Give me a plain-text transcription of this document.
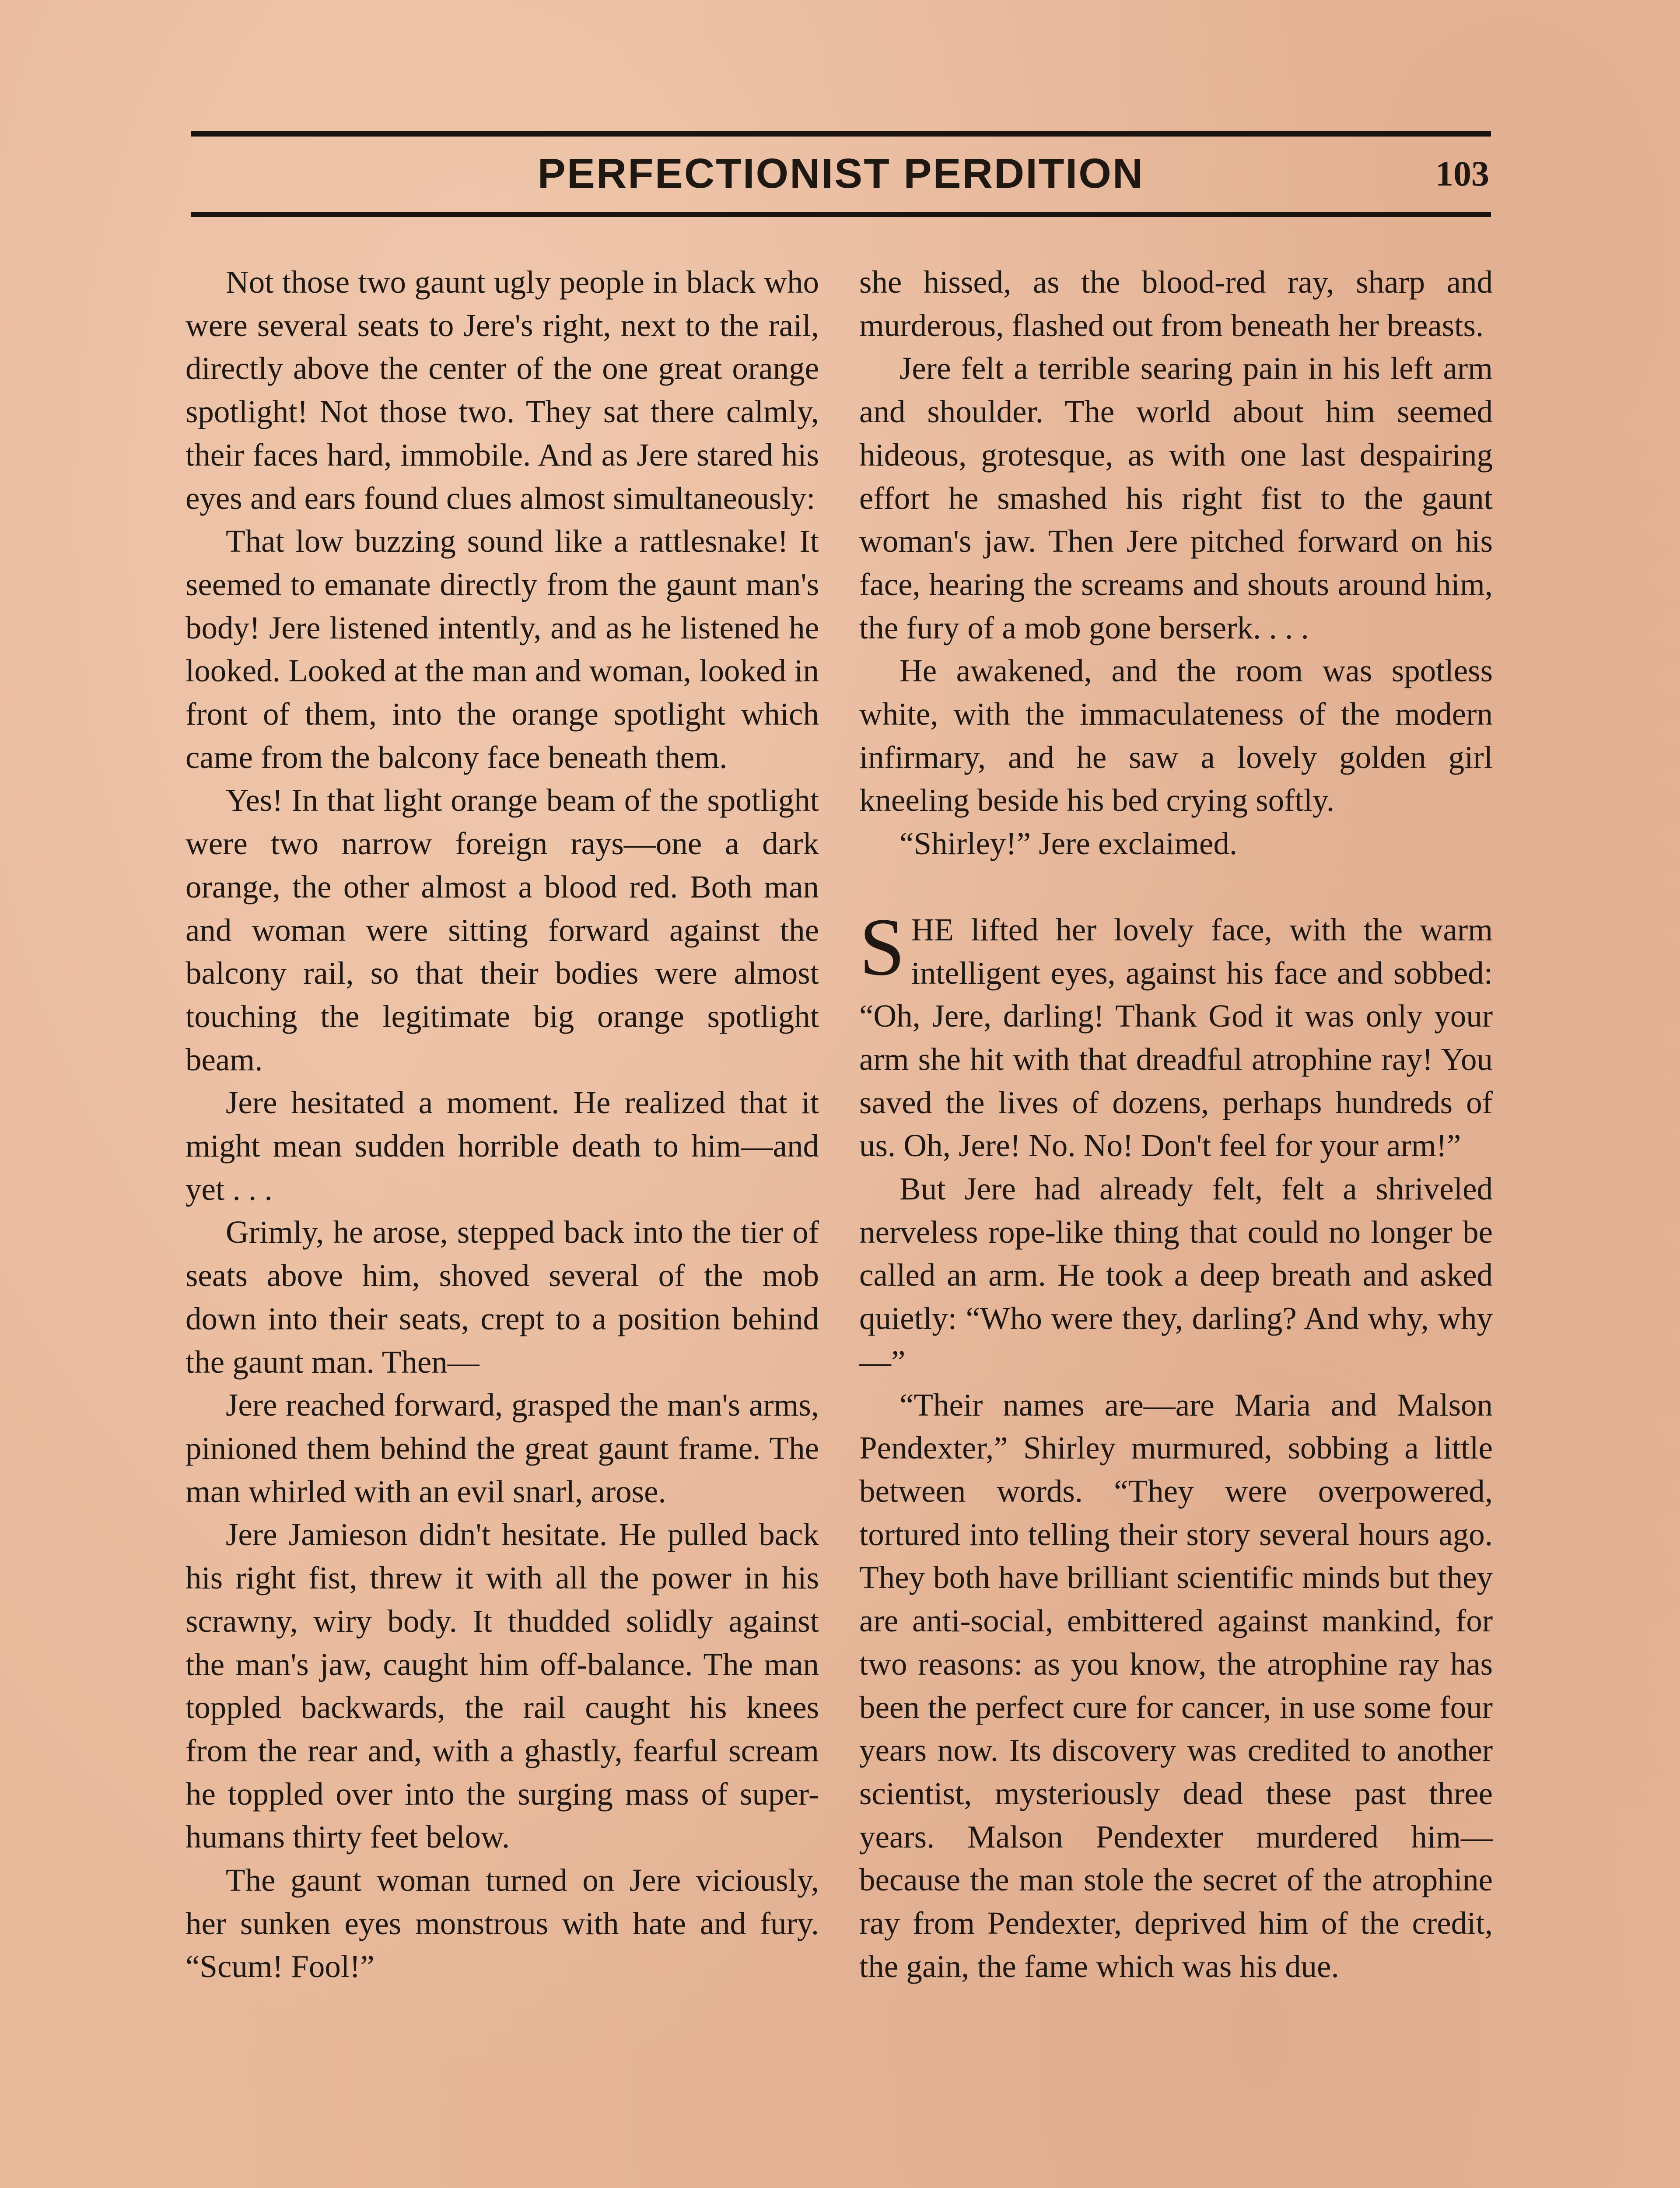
PERFECTIONIST PERDITION	103

Not those two gaunt ugly people in black who were several seats to Jere's right, next to the rail, directly above the center of the one great orange spotlight! Not those two. They sat there calmly, their faces hard, immobile. And as Jere stared his eyes and ears found clues almost simultaneously:

That low buzzing sound like a rattlesnake! It seemed to emanate directly from the gaunt man's body! Jere listened intently, and as he listened he looked. Looked at the man and woman, looked in front of them, into the orange spotlight which came from the balcony face beneath them.

Yes! In that light orange beam of the spotlight were two narrow foreign rays—one a dark orange, the other almost a blood red. Both man and woman were sitting forward against the balcony rail, so that their bodies were almost touching the legitimate big orange spotlight beam.

Jere hesitated a moment. He realized that it might mean sudden horrible death to him—and yet . . .

Grimly, he arose, stepped back into the tier of seats above him, shoved several of the mob down into their seats, crept to a position behind the gaunt man. Then—

Jere reached forward, grasped the man's arms, pinioned them behind the great gaunt frame. The man whirled with an evil snarl, arose.

Jere Jamieson didn't hesitate. He pulled back his right fist, threw it with all the power in his scrawny, wiry body. It thudded solidly against the man's jaw, caught him off-balance. The man toppled backwards, the rail caught his knees from the rear and, with a ghastly, fearful scream he toppled over into the surging mass of super-humans thirty feet below.

The gaunt woman turned on Jere viciously, her sunken eyes monstrous with hate and fury. “Scum! Fool!”

she hissed, as the blood-red ray, sharp and murderous, flashed out from beneath her breasts.

Jere felt a terrible searing pain in his left arm and shoulder. The world about him seemed hideous, grotesque, as with one last despairing effort he smashed his right fist to the gaunt woman's jaw. Then Jere pitched forward on his face, hearing the screams and shouts around him, the fury of a mob gone berserk. . . .

He awakened, and the room was spotless white, with the immaculateness of the modern infirmary, and he saw a lovely golden girl kneeling beside his bed crying softly.

“Shirley!” Jere exclaimed.

SHE lifted her lovely face, with the warm intelligent eyes, against his face and sobbed: “Oh, Jere, darling! Thank God it was only your arm she hit with that dreadful atrophine ray! You saved the lives of dozens, perhaps hundreds of us. Oh, Jere! No. No! Don't feel for your arm!”

But Jere had already felt, felt a shriveled nerveless rope-like thing that could no longer be called an arm. He took a deep breath and asked quietly: “Who were they, darling? And why, why—”

“Their names are—are Maria and Malson Pendexter,” Shirley murmured, sobbing a little between words. “They were overpowered, tortured into telling their story several hours ago. They both have brilliant scientific minds but they are anti-social, embittered against mankind, for two reasons: as you know, the atrophine ray has been the perfect cure for cancer, in use some four years now. Its discovery was credited to another scientist, mysteriously dead these past three years. Malson Pendexter murdered him—because the man stole the secret of the atrophine ray from Pendexter, deprived him of the credit, the gain, the fame which was his due.
